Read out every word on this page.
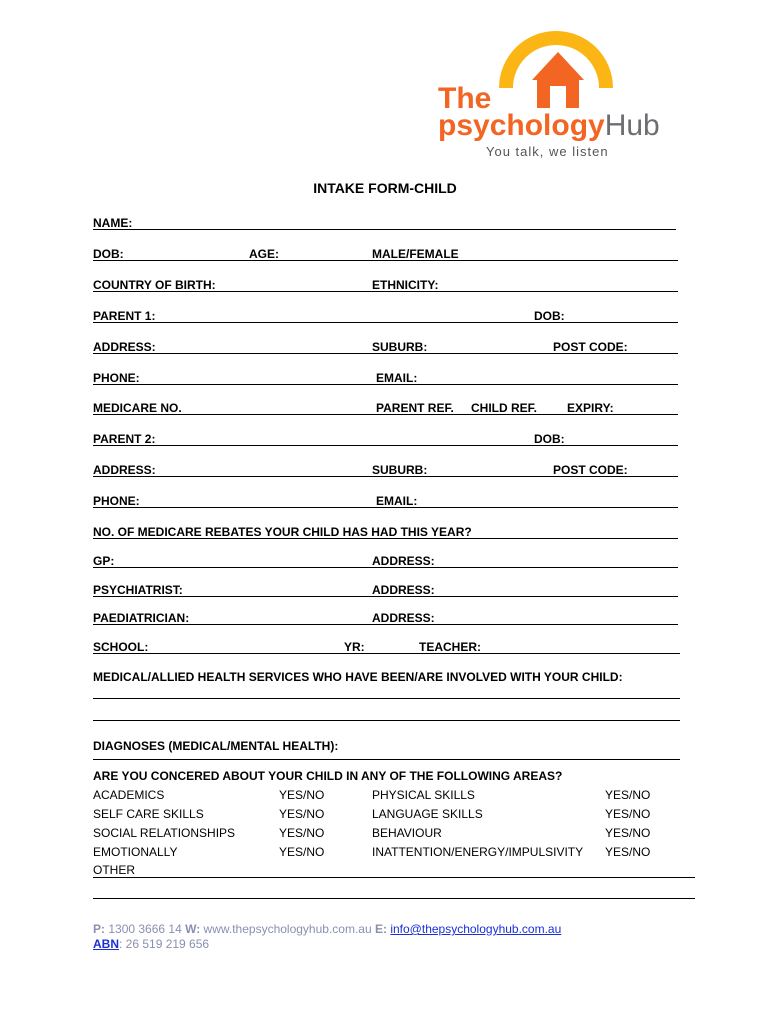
The
psychologyHub
You talk, we listen
INTAKE FORM-CHILD
NAME:
DOB:	AGE:	MALE/FEMALE
COUNTRY OF BIRTH:	ETHNICITY:
PARENT 1:	DOB:
ADDRESS:	SUBURB:	POST CODE:
PHONE:	EMAIL:
MEDICARE NO.	PARENT REF. CHILD REF.	EXPIRY:
PARENT 2:	DOB:
ADDRESS:	SUBURB:	POST CODE:
PHONE:	EMAIL:
NO. OF MEDICARE REBATES YOUR CHILD HAS HAD THIS YEAR?
GP:	ADDRESS:
PSYCHIATRIST:	ADDRESS:
PAEDIATRICIAN:	ADDRESS:
SCHOOL:	YR:	TEACHER:
MEDICAL/ALLIED HEALTH SERVICES WHO HAVE BEEN/ARE INVOLVED WITH YOUR CHILD:
DIAGNOSES (MEDICAL/MENTAL HEALTH):
ARE YOU CONCERED ABOUT YOUR CHILD IN ANY OF THE FOLLOWING AREAS?
ACADEMICS	YES/NO	PHYSICAL SKILLS	YES/NO
SELF CARE SKILLS	YES/NO	LANGUAGE SKILLS	YES/NO
SOCIAL RELATIONSHIPS	YES/NO	BEHAVIOUR	YES/NO
EMOTIONALLY	YES/NO	INATTENTION/ENERGY/IMPULSIVITY YES/NO
OTHER
P: 1300 3666 14 W: www.thepsychologyhub.com.au E: info@thepsychologyhub.com.au
ABN: 26 519 219 656
